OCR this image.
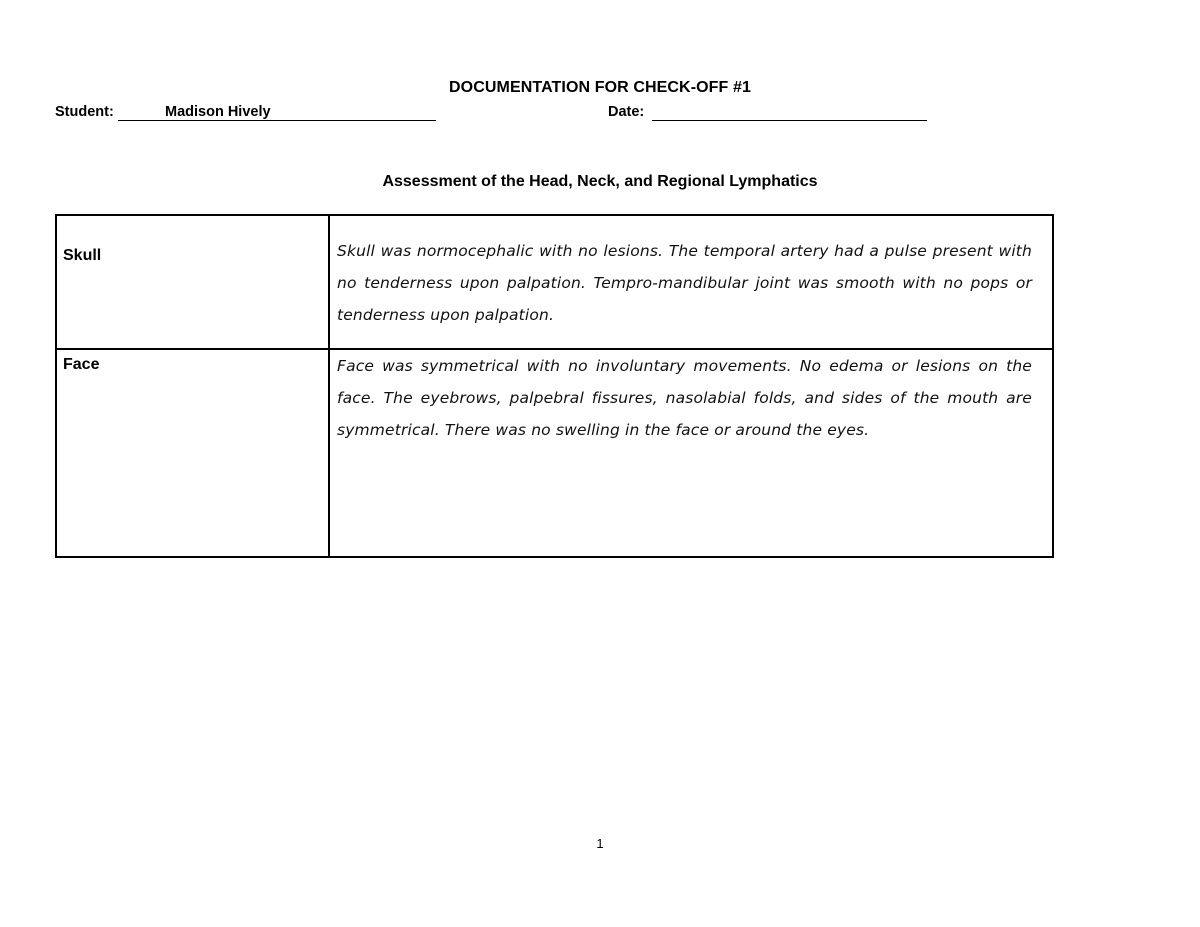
DOCUMENTATION FOR CHECK-OFF #1
Student:	Madison Hively	Date:
Assessment of the Head, Neck, and Regional Lymphatics
Skull	Skull was normocephalic with no lesions. The temporal artery had a pulse present with no tenderness upon palpation. Tempro-mandibular joint was smooth with no pops or tenderness upon palpation.

Face	Face was symmetrical with no involuntary movements. No edema or lesions on the face. The eyebrows, palpebral fissures, nasolabial folds, and sides of the mouth are symmetrical. There was no swelling in the face or around the eyes.
1
